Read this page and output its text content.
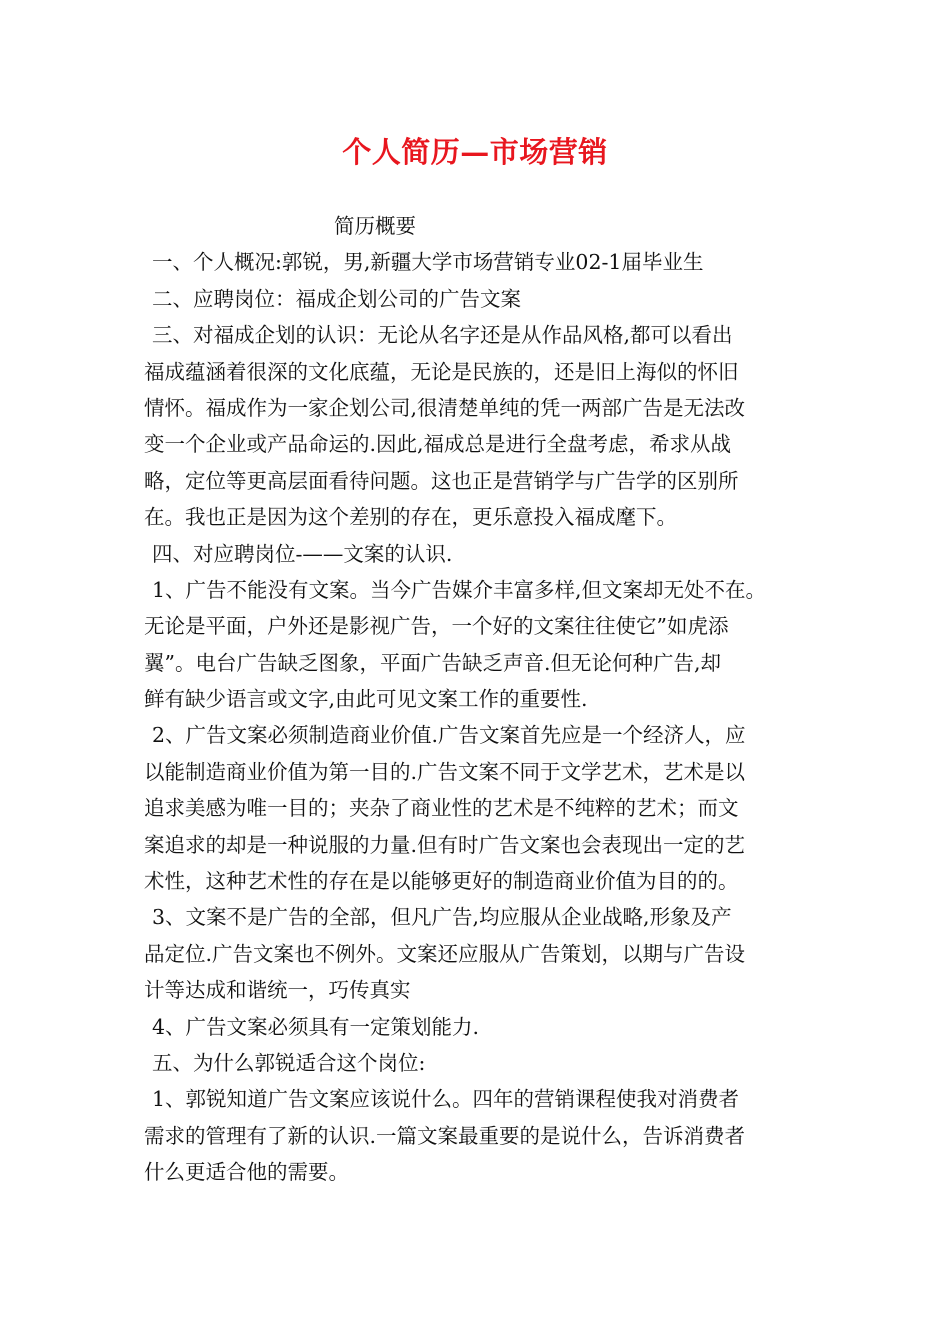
个人简历—市场营销
简历概要
一、个人概况:郭锐，男,新疆大学市场营销专业02-1届毕业生
二、应聘岗位：福成企划公司的广告文案
三、对福成企划的认识：无论从名字还是从作品风格,都可以看出
福成蕴涵着很深的文化底蕴，无论是民族的，还是旧上海似的怀旧
情怀。福成作为一家企划公司,很清楚单纯的凭一两部广告是无法改
变一个企业或产品命运的.因此,福成总是进行全盘考虑，希求从战
略，定位等更高层面看待问题。这也正是营销学与广告学的区别所
在。我也正是因为这个差别的存在，更乐意投入福成麾下。
四、对应聘岗位-——文案的认识.
1、广告不能没有文案。当今广告媒介丰富多样,但文案却无处不在。
无论是平面，户外还是影视广告，一个好的文案往往使它”如虎添
翼”。电台广告缺乏图象，平面广告缺乏声音.但无论何种广告,却
鲜有缺少语言或文字,由此可见文案工作的重要性.
2、广告文案必须制造商业价值.广告文案首先应是一个经济人，应
以能制造商业价值为第一目的.广告文案不同于文学艺术，艺术是以
追求美感为唯一目的；夹杂了商业性的艺术是不纯粹的艺术；而文
案追求的却是一种说服的力量.但有时广告文案也会表现出一定的艺
术性，这种艺术性的存在是以能够更好的制造商业价值为目的的。
3、文案不是广告的全部，但凡广告,均应服从企业战略,形象及产
品定位.广告文案也不例外。文案还应服从广告策划，以期与广告设
计等达成和谐统一，巧传真实
4、广告文案必须具有一定策划能力.
五、为什么郭锐适合这个岗位:
1、郭锐知道广告文案应该说什么。四年的营销课程使我对消费者
需求的管理有了新的认识.一篇文案最重要的是说什么，告诉消费者
什么更适合他的需要。
